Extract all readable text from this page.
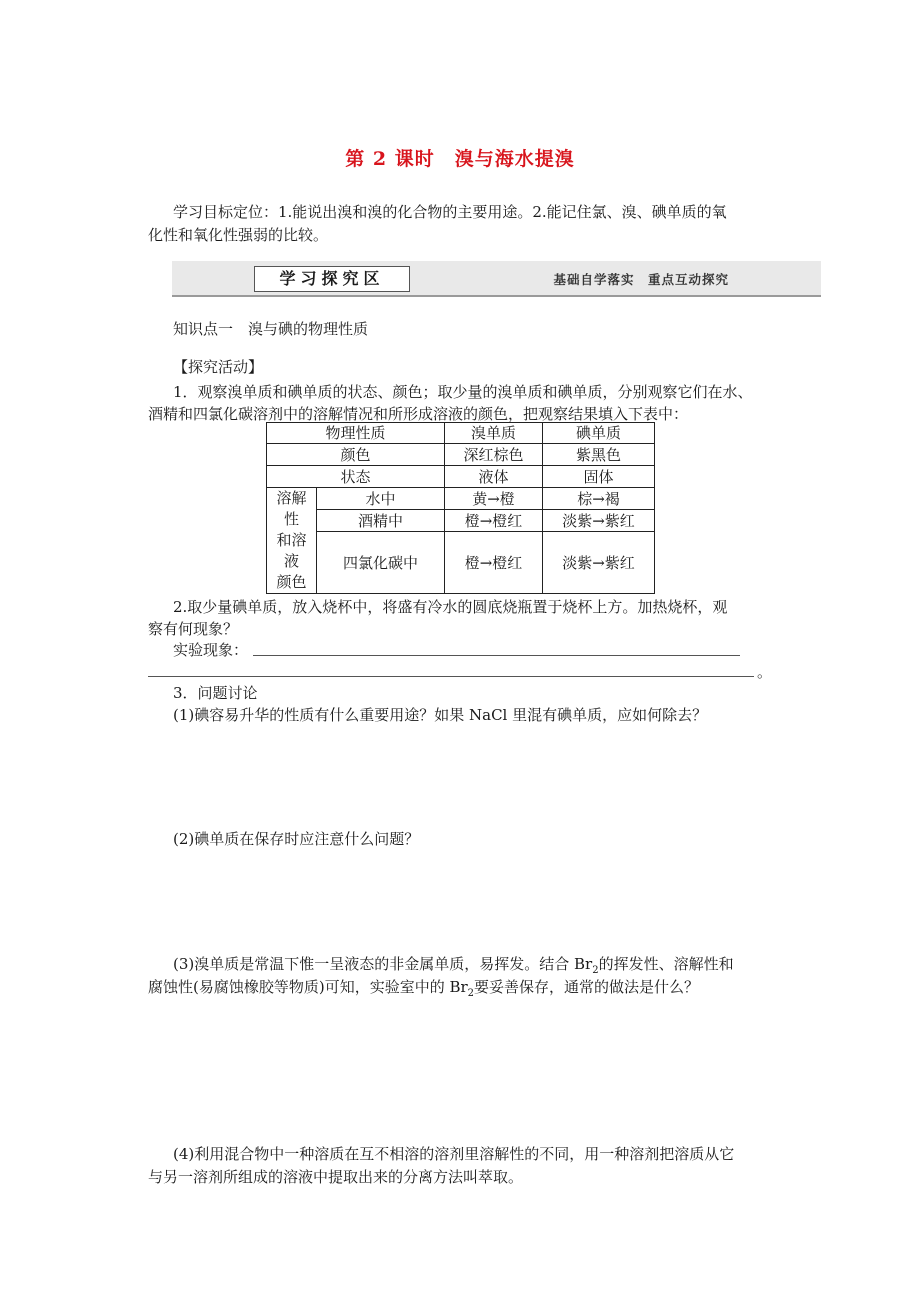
第 2 课时　溴与海水提溴
学习目标定位：1.能说出溴和溴的化合物的主要用途。2.能记住氯、溴、碘单质的氧
化性和氧化性强弱的比较。
学习探究区	基础自学落实　重点互动探究
知识点一　溴与碘的物理性质
【探究活动】
1．观察溴单质和碘单质的状态、颜色；取少量的溴单质和碘单质，分别观察它们在水、
酒精和四氯化碳溶剂中的溶解情况和所形成溶液的颜色，把观察结果填入下表中：
物理性质		溴单质	碘单质
颜色		深红棕色	紫黑色
状态		液体	固体

溶解
性
和溶
液
颜色	水中	黄→橙	棕→褐
	酒精中	橙→橙红	淡紫→紫红
	四氯化碳中	橙→橙红	淡紫→紫红
2.取少量碘单质，放入烧杯中，将盛有冷水的圆底烧瓶置于烧杯上方。加热烧杯，观
察有何现象？
实验现象：
。
3．问题讨论
(1)碘容易升华的性质有什么重要用途？如果 NaCl 里混有碘单质，应如何除去？
(2)碘单质在保存时应注意什么问题？
(3)溴单质是常温下惟一呈液态的非金属单质，易挥发。结合 $Br_2$的挥发性、溶解性和
腐蚀性(易腐蚀橡胶等物质)可知，实验室中的 $Br_2$要妥善保存，通常的做法是什么？
(4)利用混合物中一种溶质在互不相溶的溶剂里溶解性的不同，用一种溶剂把溶质从它
与另一溶剂所组成的溶液中提取出来的分离方法叫萃取。
